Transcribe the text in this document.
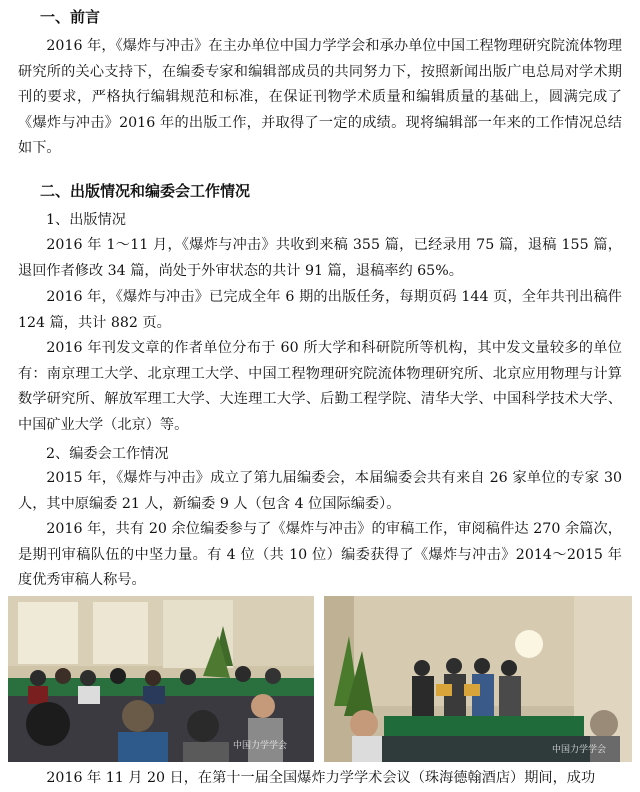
一、前言

2016 年，《爆炸与冲击》在主办单位中国力学学会和承办单位中国工程物理研究院流体物理研究所的关心支持下，在编委专家和编辑部成员的共同努力下，按照新闻出版广电总局对学术期刊的要求，严格执行编辑规范和标准，在保证刊物学术质量和编辑质量的基础上，圆满完成了《爆炸与冲击》2016 年的出版工作，并取得了一定的成绩。现将编辑部一年来的工作情况总结如下。

二、出版情况和编委会工作情况
1、出版情况

2016 年 1～11 月，《爆炸与冲击》共收到来稿 355 篇，已经录用 75 篇，退稿 155 篇，退回作者修改 34 篇，尚处于外审状态的共计 91 篇，退稿率约 65%。

2016 年，《爆炸与冲击》已完成全年 6 期的出版任务，每期页码 144 页，全年共刊出稿件 124 篇，共计 882 页。

2016 年刊发文章的作者单位分布于 60 所大学和科研院所等机构，其中发文量较多的单位有：南京理工大学、北京理工大学、中国工程物理研究院流体物理研究所、北京应用物理与计算数学研究所、解放军理工大学、大连理工大学、后勤工程学院、清华大学、中国科学技术大学、中国矿业大学（北京）等。

2、编委会工作情况

2015 年，《爆炸与冲击》成立了第九届编委会，本届编委会共有来自 26 家单位的专家 30 人，其中原编委 21 人，新编委 9 人（包含 4 位国际编委）。

2016 年，共有 20 余位编委参与了《爆炸与冲击》的审稿工作，审阅稿件达 270 余篇次，是期刊审稿队伍的中坚力量。有 4 位（共 10 位）编委获得了《爆炸与冲击》2014～2015 年度优秀审稿人称号。

中国力学学会	中国力学学会

2016 年 11 月 20 日，在第十一届全国爆炸力学学术会议（珠海德翰酒店）期间，成功
